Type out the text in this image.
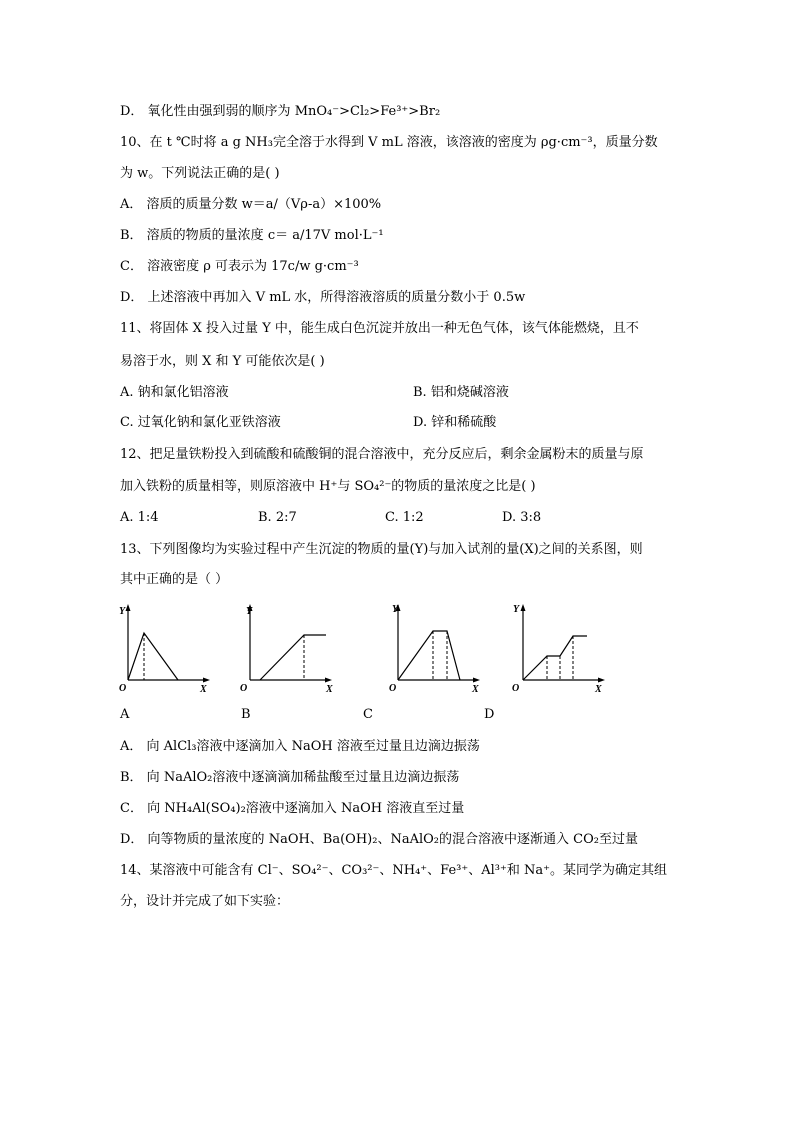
D． 氧化性由强到弱的顺序为 MnO₄⁻>Cl₂>Fe³⁺>Br₂
10、在 t ℃时将 a g NH₃完全溶于水得到 V mL 溶液，该溶液的密度为 ρg·cm⁻³，质量分数
为 w。下列说法正确的是( )
A． 溶质的质量分数 w＝a/（Vρ-a）×100%
B． 溶质的物质的量浓度 c＝ a/17V mol·L⁻¹
C． 溶液密度 ρ 可表示为 17c/w g·cm⁻³
D． 上述溶液中再加入 V mL 水，所得溶液溶质的质量分数小于 0.5w
11、将固体 X 投入过量 Y 中，能生成白色沉淀并放出一种无色气体，该气体能燃烧，且不
易溶于水，则 X 和 Y 可能依次是( )
A. 钠和氯化铝溶液	B. 铝和烧碱溶液
C. 过氧化钠和氯化亚铁溶液	D. 锌和稀硫酸
12、把足量铁粉投入到硫酸和硫酸铜的混合溶液中，充分反应后，剩余金属粉末的质量与原
加入铁粉的质量相等，则原溶液中 H⁺与 SO₄²⁻的物质的量浓度之比是( )
A. 1:4	B. 2:7	C. 1:2	D. 3:8
13、下列图像均为实验过程中产生沉淀的物质的量(Y)与加入试剂的量(X)之间的关系图，则
其中正确的是（ ）
Y
O	X
Y
O	X
Y
O	X
Y
O	X
A	B	C	D
A． 向 AlCl₃溶液中逐滴加入 NaOH 溶液至过量且边滴边振荡
B． 向 NaAlO₂溶液中逐滴滴加稀盐酸至过量且边滴边振荡
C． 向 NH₄Al(SO₄)₂溶液中逐滴加入 NaOH 溶液直至过量
D． 向等物质的量浓度的 NaOH、Ba(OH)₂、NaAlO₂的混合溶液中逐渐通入 CO₂至过量
14、某溶液中可能含有 Cl⁻、SO₄²⁻、CO₃²⁻、NH₄⁺、Fe³⁺、Al³⁺和 Na⁺。某同学为确定其组
分，设计并完成了如下实验：
